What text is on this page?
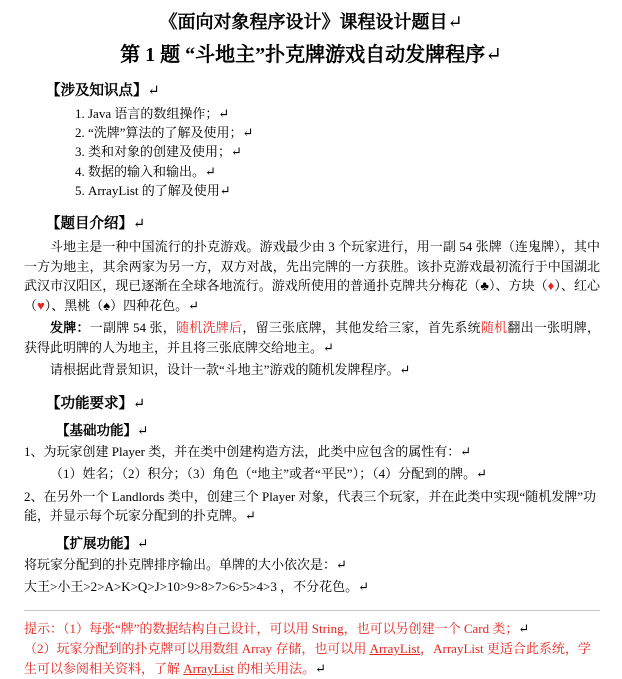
《面向对象程序设计》课程设计题目↵
第 1 题 “斗地主”扑克牌游戏自动发牌程序↵
【涉及知识点】↵
1. Java 语言的数组操作；↵
2. “洗牌”算法的了解及使用；↵
3. 类和对象的创建及使用；↵
4. 数据的输入和输出。↵
5. ArrayList 的了解及使用↵
【题目介绍】↵
斗地主是一种中国流行的扑克游戏。游戏最少由 3 个玩家进行，用一副 54 张牌（连鬼牌），其中一方为地主，其余两家为另一方，双方对战，先出完牌的一方获胜。该扑克游戏最初流行于中国湖北武汉市汉阳区，现已逐渐在全球各地流行。游戏所使用的普通扑克牌共分梅花（♣）、方块（♦）、红心（♥）、黑桃（♠）四种花色。↵
发牌：一副牌 54 张，随机洗牌后，留三张底牌，其他发给三家，首先系统随机翻出一张明牌，获得此明牌的人为地主，并且将三张底牌交给地主。↵
请根据此背景知识，设计一款“斗地主”游戏的随机发牌程序。↵
【功能要求】↵
【基础功能】↵
1、为玩家创建 Player 类，并在类中创建构造方法，此类中应包含的属性有：↵
（1）姓名；（2）积分；（3）角色（“地主”或者“平民”）；（4）分配到的牌。↵
2、在另外一个 Landlords 类中，创建三个 Player 对象，代表三个玩家，并在此类中实现“随机发牌”功能，并显示每个玩家分配到的扑克牌。↵
【扩展功能】↵
将玩家分配到的扑克牌排序输出。单牌的大小依次是：↵
大王>小王>2>A>K>Q>J>10>9>8>7>6>5>4>3 ，不分花色。↵
提示：（1）每张“牌”的数据结构自己设计，可以用 String，也可以另创建一个 Card 类；↵
（2）玩家分配到的扑克牌可以用数组 Array 存储，也可以用 ArrayList，ArrayList 更适合此系统，学生可以参阅相关资料，了解 ArrayList 的相关用法。↵
